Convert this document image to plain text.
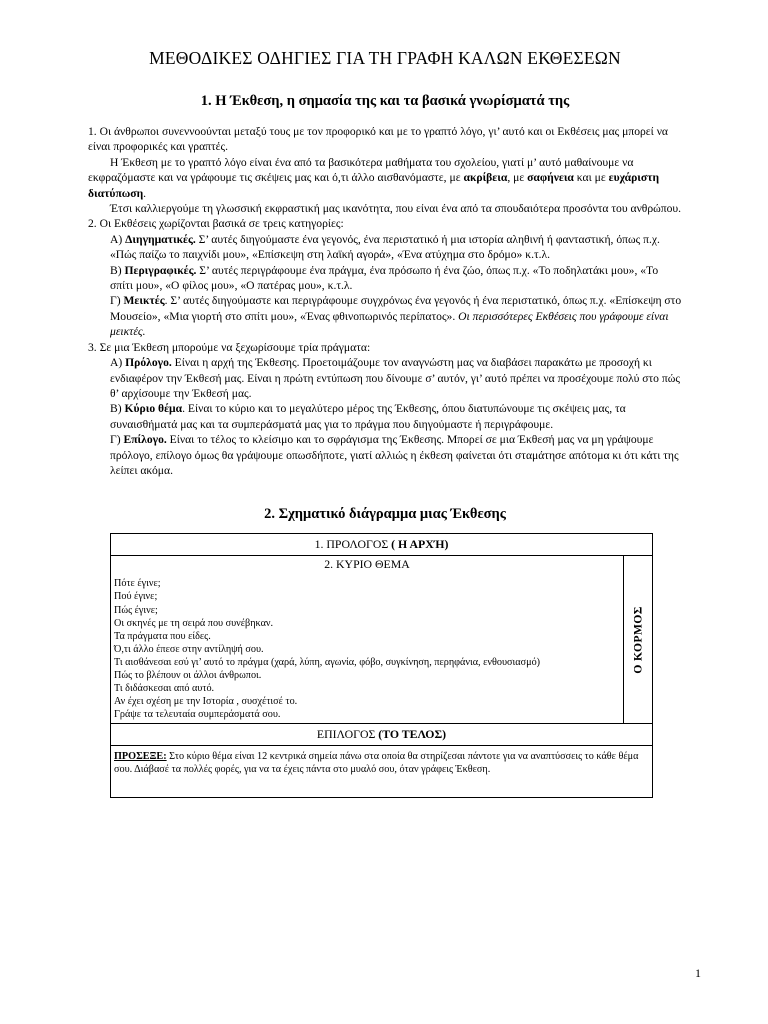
ΜΕΘΟΔΙΚΕΣ ΟΔΗΓΙΕΣ ΓΙΑ ΤΗ ΓΡΑΦΗ ΚΑΛΩΝ ΕΚΘΕΣΕΩΝ
1. Η Έκθεση, η σημασία της και τα βασικά γνωρίσματά της

1. Οι άνθρωποι συνεννοούνται μεταξύ τους με τον προφορικό και με το γραπτό λόγο, γι’ αυτό και οι Εκθέσεις μας μπορεί να είναι προφορικές και γραπτές.

Η Έκθεση με το γραπτό λόγο είναι ένα από τα βασικότερα μαθήματα του σχολείου, γιατί μ’ αυτό μαθαίνουμε να εκφραζόμαστε και να γράφουμε τις σκέψεις μας και ό,τι άλλο αισθανόμαστε, με ακρίβεια, με σαφήνεια και με ευχάριστη διατύπωση.

Έτσι καλλιεργούμε τη γλωσσική εκφραστική μας ικανότητα, που είναι ένα από τα σπουδαιότερα προσόντα του ανθρώπου.

2. Οι Εκθέσεις χωρίζονται βασικά σε τρεις κατηγορίες:

Α) Διηγηματικές. Σ’ αυτές διηγούμαστε ένα γεγονός, ένα περιστατικό ή μια ιστορία αληθινή ή φανταστική, όπως π.χ. «Πώς παίζω το παιχνίδι μου», «Επίσκεψη στη λαϊκή αγορά», «Ένα ατύχημα στο δρόμο» κ.τ.λ.

Β) Περιγραφικές. Σ’ αυτές περιγράφουμε ένα πράγμα, ένα πρόσωπο ή ένα ζώο, όπως π.χ. «Το ποδηλατάκι μου», «Το σπίτι μου», «Ο φίλος μου», «Ο πατέρας μου», κ.τ.λ.

Γ) Μεικτές. Σ’ αυτές διηγούμαστε και περιγράφουμε συγχρόνως ένα γεγονός ή ένα περιστατικό, όπως π.χ. «Επίσκεψη στο Μουσείο», «Μια γιορτή στο σπίτι μου», «Ένας φθινοπωρινός περίπατος». Οι περισσότερες Εκθέσεις που γράφουμε είναι μεικτές.

3. Σε μια Έκθεση μπορούμε να ξεχωρίσουμε τρία πράγματα:

Α) Πρόλογο. Είναι η αρχή της Έκθεσης. Προετοιμάζουμε τον αναγνώστη μας να διαβάσει παρακάτω με προσοχή κι ενδιαφέρον την Έκθεσή μας. Είναι η πρώτη εντύπωση που δίνουμε σ’ αυτόν, γι’ αυτό πρέπει να προσέχουμε πολύ στο πώς θ’ αρχίσουμε την Έκθεσή μας.

Β) Κύριο θέμα. Είναι το κύριο και το μεγαλύτερο μέρος της Έκθεσης, όπου διατυπώνουμε τις σκέψεις μας, τα συναισθήματά μας και τα συμπεράσματά μας για το πράγμα που διηγούμαστε ή περιγράφουμε.

Γ) Επίλογο. Είναι το τέλος το κλείσιμο και το σφράγισμα της Έκθεσης. Μπορεί σε μια Έκθεσή μας να μη γράψουμε πρόλογο, επίλογο όμως θα γράψουμε οπωσδήποτε, γιατί αλλιώς η έκθεση φαίνεται ότι σταμάτησε απότομα κι ότι κάτι της λείπει ακόμα.

2. Σχηματικό διάγραμμα μιας Έκθεσης
1. ΠΡΟΛΟΓΟΣ ( Η ΑΡΧΉ)

2. ΚΥΡΙΟ ΘΕΜΑ
Πότε έγινε;
Πού έγινε;
Πώς έγινε;
Οι σκηνές με τη σειρά που συνέβηκαν.
Τα πράγματα που είδες.
Ό,τι άλλο έπεσε στην αντίληψή σου.
Τι αισθάνεσαι εσύ γι’ αυτό το πράγμα (χαρά, λύπη, αγωνία, φόβο, συγκίνηση, περηφάνια, ενθουσιασμό)
Πώς το βλέπουν οι άλλοι άνθρωποι.
Τι διδάσκεσαι από αυτό.
Αν έχει σχέση με την Ιστορία , συσχέτισέ το.
Γράψε τα τελευταία συμπεράσματά σου.

Ο ΚΟΡΜΟΣ

ΕΠΙΛΟΓΟΣ (ΤΟ ΤΕΛΟΣ)
ΠΡΟΣΕΞΕ: Στο κύριο θέμα είναι 12 κεντρικά σημεία πάνω στα οποία θα στηρίζεσαι πάντοτε για να αναπτύσσεις το κάθε θέμα σου. Διάβασέ τα πολλές φορές, για να τα έχεις πάντα στο μυαλό σου, όταν γράφεις Έκθεση.
1
